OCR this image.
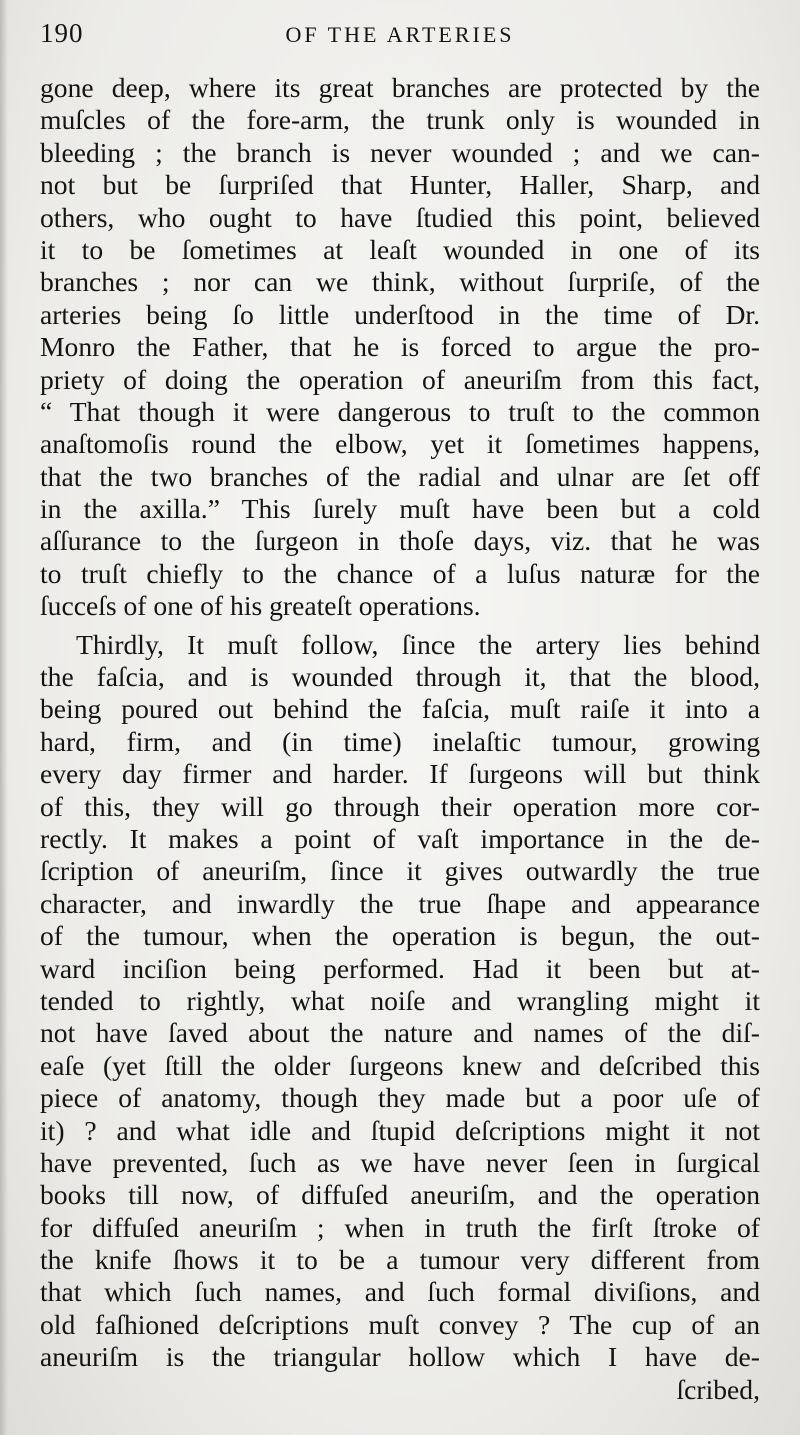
190	OF THE ARTERIES
gone deep, where its great branches are protected by the
muſcles of the fore-arm, the trunk only is wounded in
bleeding ; the branch is never wounded ; and we can-
not but be ſurpriſed that Hunter, Haller, Sharp, and
others, who ought to have ſtudied this point, believed
it to be ſometimes at leaſt wounded in one of its
branches ; nor can we think, without ſurpriſe, of the
arteries being ſo little underſtood in the time of Dr.
Monro the Father, that he is forced to argue the pro-
priety of doing the operation of aneuriſm from this fact,
“ That though it were dangerous to truſt to the common
anaſtomoſis round the elbow, yet it ſometimes happens,
that the two branches of the radial and ulnar are ſet off
in the axilla.” This ſurely muſt have been but a cold
aſſurance to the ſurgeon in thoſe days, viz. that he was
to truſt chiefly to the chance of a luſus naturæ for the
ſucceſs of one of his greateſt operations.
Thirdly, It muſt follow, ſince the artery lies behind
the faſcia, and is wounded through it, that the blood,
being poured out behind the faſcia, muſt raiſe it into a
hard, firm, and (in time) inelaſtic tumour, growing
every day firmer and harder. If ſurgeons will but think
of this, they will go through their operation more cor-
rectly. It makes a point of vaſt importance in the de-
ſcription of aneuriſm, ſince it gives outwardly the true
character, and inwardly the true ſhape and appearance
of the tumour, when the operation is begun, the out-
ward inciſion being performed. Had it been but at-
tended to rightly, what noiſe and wrangling might it
not have ſaved about the nature and names of the diſ-
eaſe (yet ſtill the older ſurgeons knew and deſcribed this
piece of anatomy, though they made but a poor uſe of
it) ? and what idle and ſtupid deſcriptions might it not
have prevented, ſuch as we have never ſeen in ſurgical
books till now, of diffuſed aneuriſm, and the operation
for diffuſed aneuriſm ; when in truth the firſt ſtroke of
the knife ſhows it to be a tumour very different from
that which ſuch names, and ſuch formal diviſions, and
old faſhioned deſcriptions muſt convey ? The cup of an
aneuriſm is the triangular hollow which I have de-
ſcribed,
